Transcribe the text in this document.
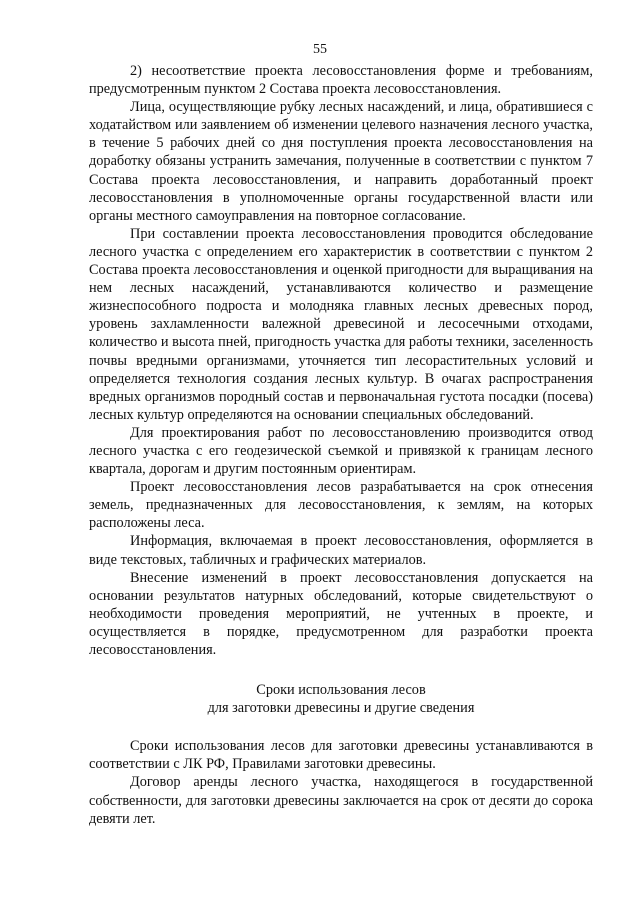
55

2) несоответствие проекта лесовосстановления форме и требованиям, предусмотренным пунктом 2 Состава проекта лесовосстановления.

Лица, осуществляющие рубку лесных насаждений, и лица, обратившиеся с ходатайством или заявлением об изменении целевого назначения лесного участка, в течение 5 рабочих дней со дня поступления проекта лесовосстановления на доработку обязаны устранить замечания, полученные в соответствии с пунктом 7 Состава проекта лесовосстановления, и направить доработанный проект лесовосстановления в уполномоченные органы государственной власти или органы местного самоуправления на повторное согласование.

При составлении проекта лесовосстановления проводится обследование лесного участка с определением его характеристик в соответствии с пунктом 2 Состава проекта лесовосстановления и оценкой пригодности для выращивания на нем лесных насаждений, устанавливаются количество и размещение жизнеспособного подроста и молодняка главных лесных древесных пород, уровень захламленности валежной древесиной и лесосечными отходами, количество и высота пней, пригодность участка для работы техники, заселенность почвы вредными организмами, уточняется тип лесорастительных условий и определяется технология создания лесных культур. В очагах распространения вредных организмов породный состав и первоначальная густота посадки (посева) лесных культур определяются на основании специальных обследований.

Для проектирования работ по лесовосстановлению производится отвод лесного участка с его геодезической съемкой и привязкой к границам лесного квартала, дорогам и другим постоянным ориентирам.

Проект лесовосстановления лесов разрабатывается на срок отнесения земель, предназначенных для лесовосстановления, к землям, на которых расположены леса.

Информация, включаемая в проект лесовосстановления, оформляется в виде текстовых, табличных и графических материалов.

Внесение изменений в проект лесовосстановления допускается на основании результатов натурных обследований, которые свидетельствуют о необходимости проведения мероприятий, не учтенных в проекте, и осуществляется в порядке, предусмотренном для разработки проекта лесовосстановления.

Сроки использования лесов
для заготовки древесины и другие сведения

Сроки использования лесов для заготовки древесины устанавливаются в соответствии с ЛК РФ, Правилами заготовки древесины.

Договор аренды лесного участка, находящегося в государственной собственности, для заготовки древесины заключается на срок от десяти до сорока девяти лет.
